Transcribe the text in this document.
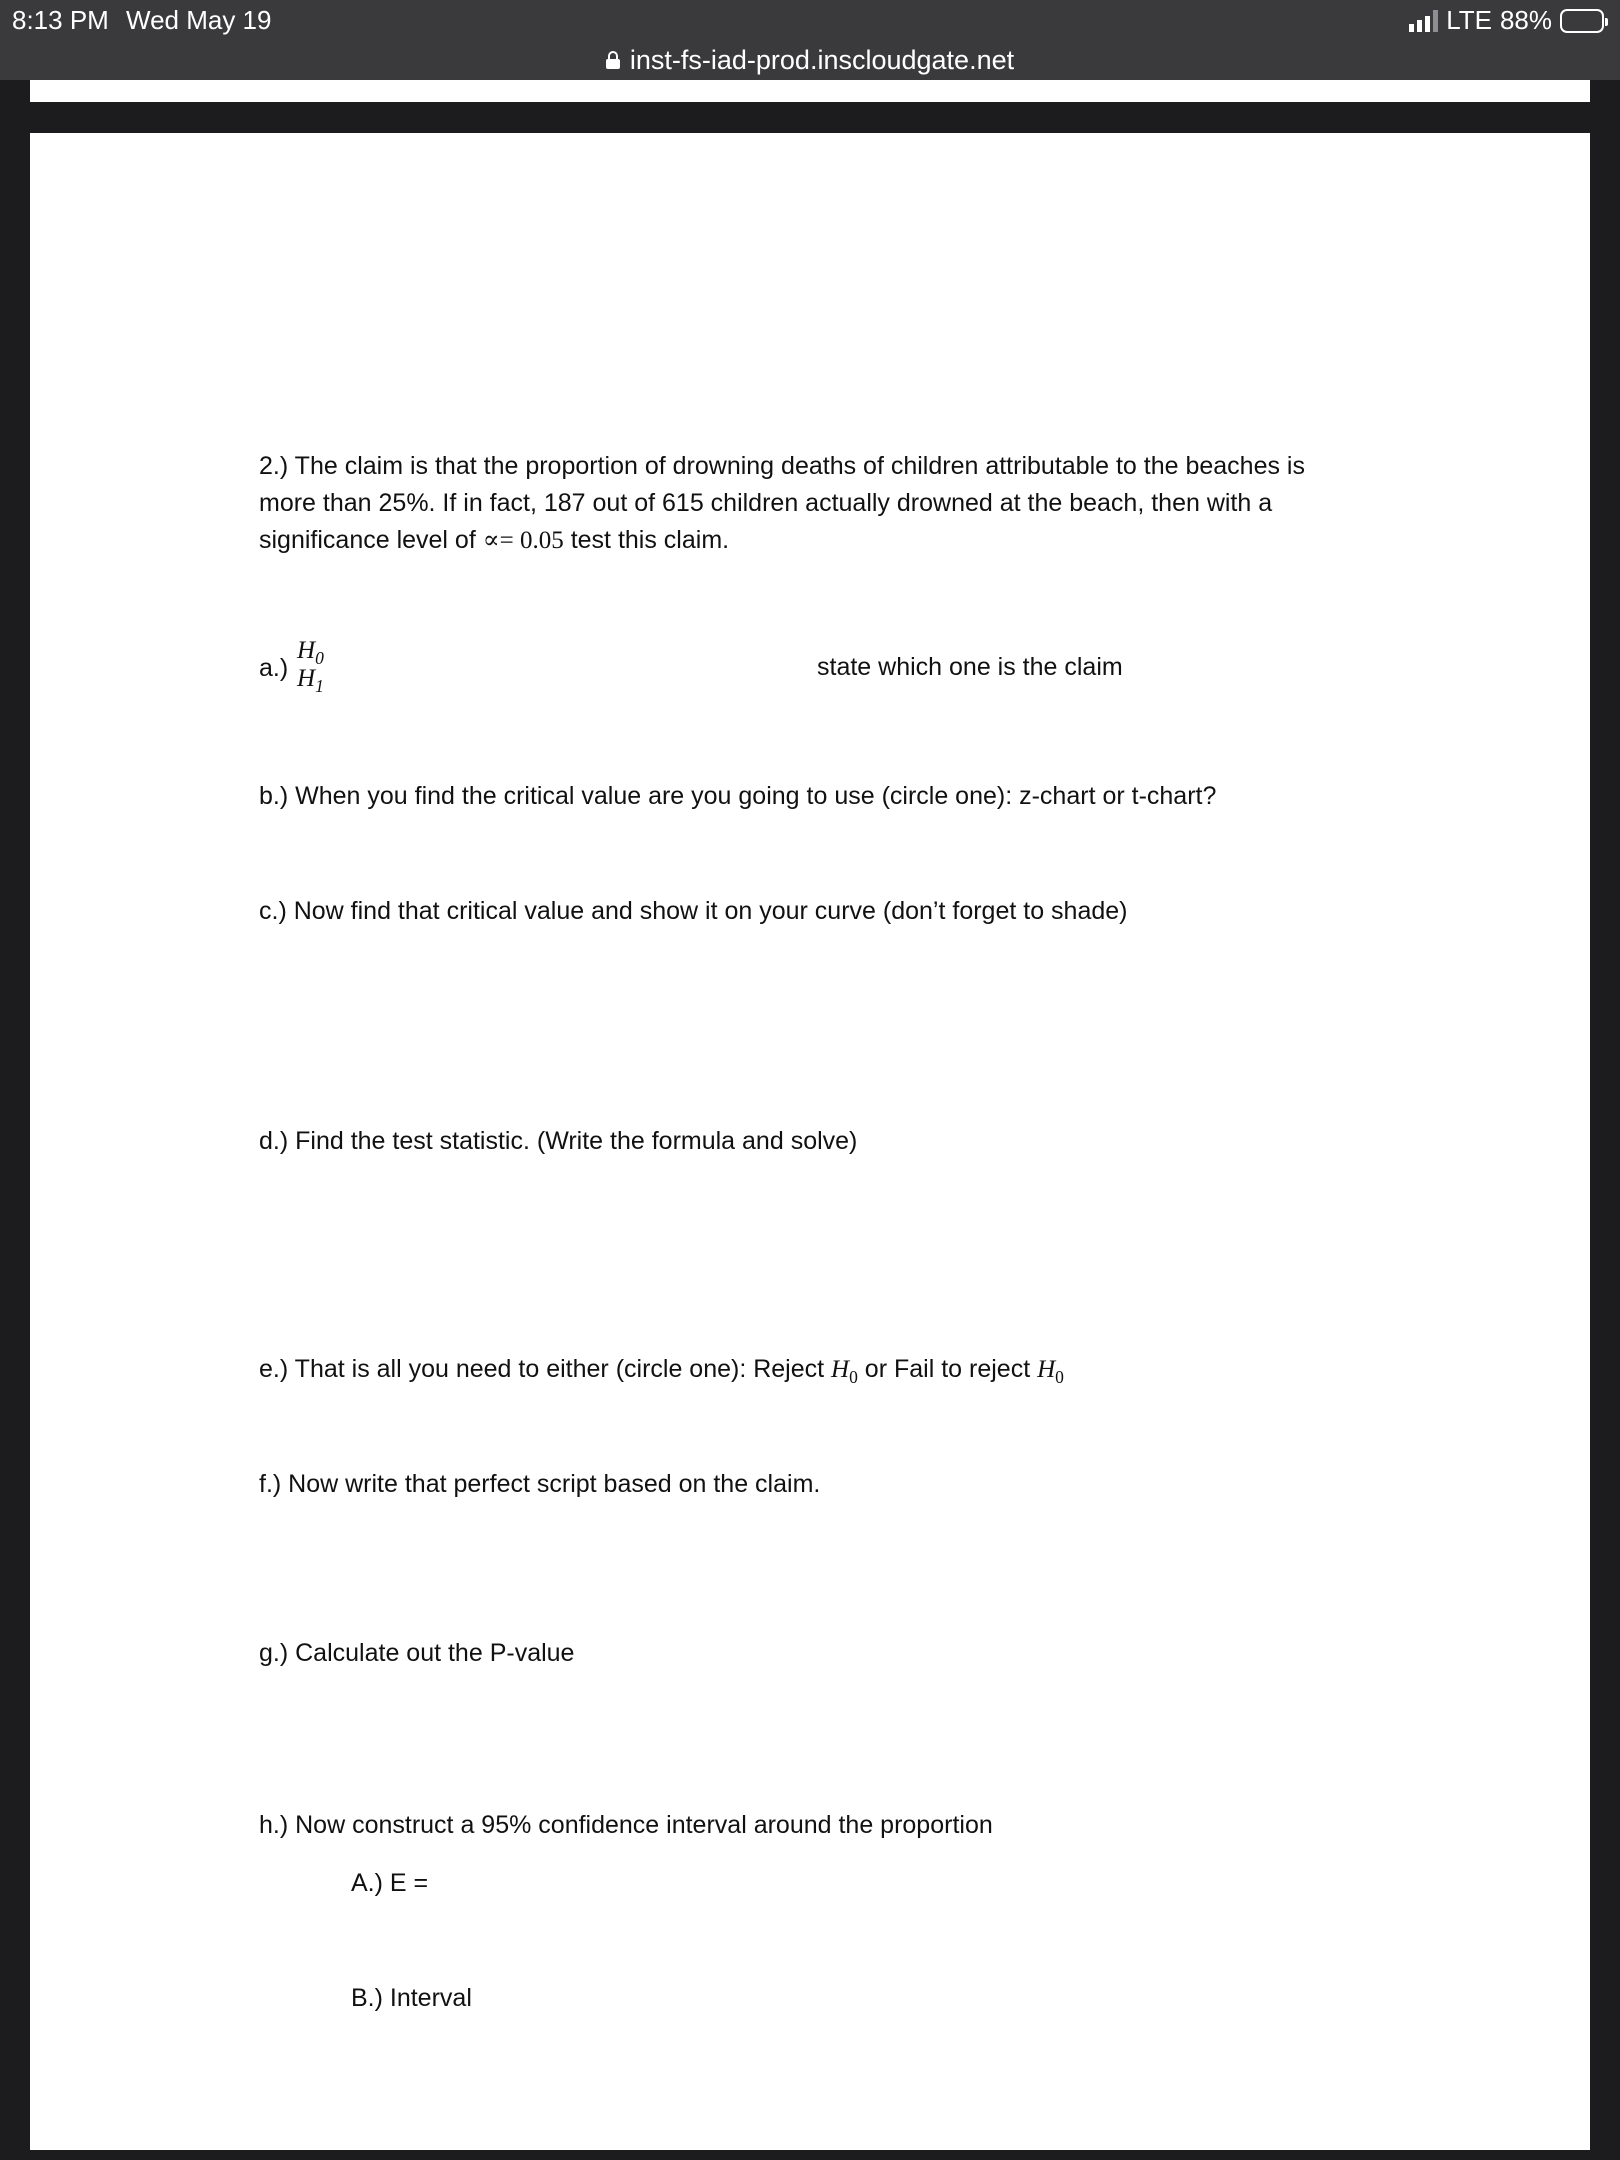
8:13 PM Wed May 19	LTE 88%
inst-fs-iad-prod.inscloudgate.net
2.) The claim is that the proportion of drowning deaths of children attributable to the beaches is
more than 25%. If in fact, 187 out of 615 children actually drowned at the beach, then with a
significance level of ∝= 0.05 test this claim.
a.)
$H_0$
$H_1$
state which one is the claim
b.) When you find the critical value are you going to use (circle one): z-chart or t-chart?
c.) Now find that critical value and show it on your curve (don’t forget to shade)
d.) Find the test statistic. (Write the formula and solve)
e.) That is all you need to either (circle one): Reject $H_0$ or Fail to reject $H_0$
f.) Now write that perfect script based on the claim.
g.) Calculate out the P-value
h.) Now construct a 95% confidence interval around the proportion
A.) E =
B.) Interval
